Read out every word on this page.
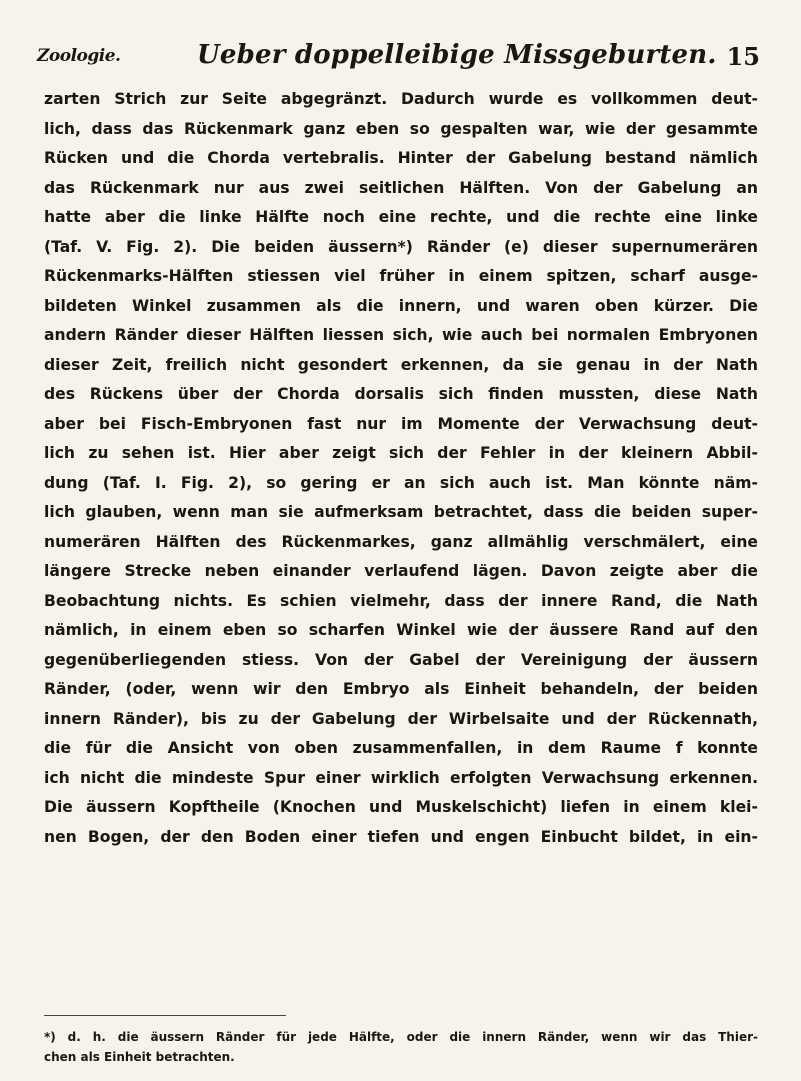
Zoologie.	Ueber doppelleibige Missgeburten. 15
zarten Strich zur Seite abgegränzt. Dadurch wurde es vollkommen deut-
lich, dass das Rückenmark ganz eben so gespalten war, wie der gesammte
Rücken und die Chorda vertebralis. Hinter der Gabelung bestand nämlich
das Rückenmark nur aus zwei seitlichen Hälften. Von der Gabelung an
hatte aber die linke Hälfte noch eine rechte, und die rechte eine linke
(Taf. V. Fig. 2). Die beiden äussern*) Ränder (e) dieser supernumerären
Rückenmarks-Hälften stiessen viel früher in einem spitzen, scharf ausge-
bildeten Winkel zusammen als die innern, und waren oben kürzer. Die
andern Ränder dieser Hälften liessen sich, wie auch bei normalen Embryonen
dieser Zeit, freilich nicht gesondert erkennen, da sie genau in der Nath
des Rückens über der Chorda dorsalis sich finden mussten, diese Nath
aber bei Fisch-Embryonen fast nur im Momente der Verwachsung deut-
lich zu sehen ist. Hier aber zeigt sich der Fehler in der kleinern Abbil-
dung (Taf. I. Fig. 2), so gering er an sich auch ist. Man könnte näm-
lich glauben, wenn man sie aufmerksam betrachtet, dass die beiden super-
numerären Hälften des Rückenmarkes, ganz allmählig verschmälert, eine
längere Strecke neben einander verlaufend lägen. Davon zeigte aber die
Beobachtung nichts. Es schien vielmehr, dass der innere Rand, die Nath
nämlich, in einem eben so scharfen Winkel wie der äussere Rand auf den
gegenüberliegenden stiess. Von der Gabel der Vereinigung der äussern
Ränder, (oder, wenn wir den Embryo als Einheit behandeln, der beiden
innern Ränder), bis zu der Gabelung der Wirbelsaite und der Rückennath,
die für die Ansicht von oben zusammenfallen, in dem Raume f konnte
ich nicht die mindeste Spur einer wirklich erfolgten Verwachsung erkennen.
Die äussern Kopftheile (Knochen und Muskelschicht) liefen in einem klei-
nen Bogen, der den Boden einer tiefen und engen Einbucht bildet, in ein-
*) d. h. die äussern Ränder für jede Hälfte, oder die innern Ränder, wenn wir das Thier-
chen als Einheit betrachten.
